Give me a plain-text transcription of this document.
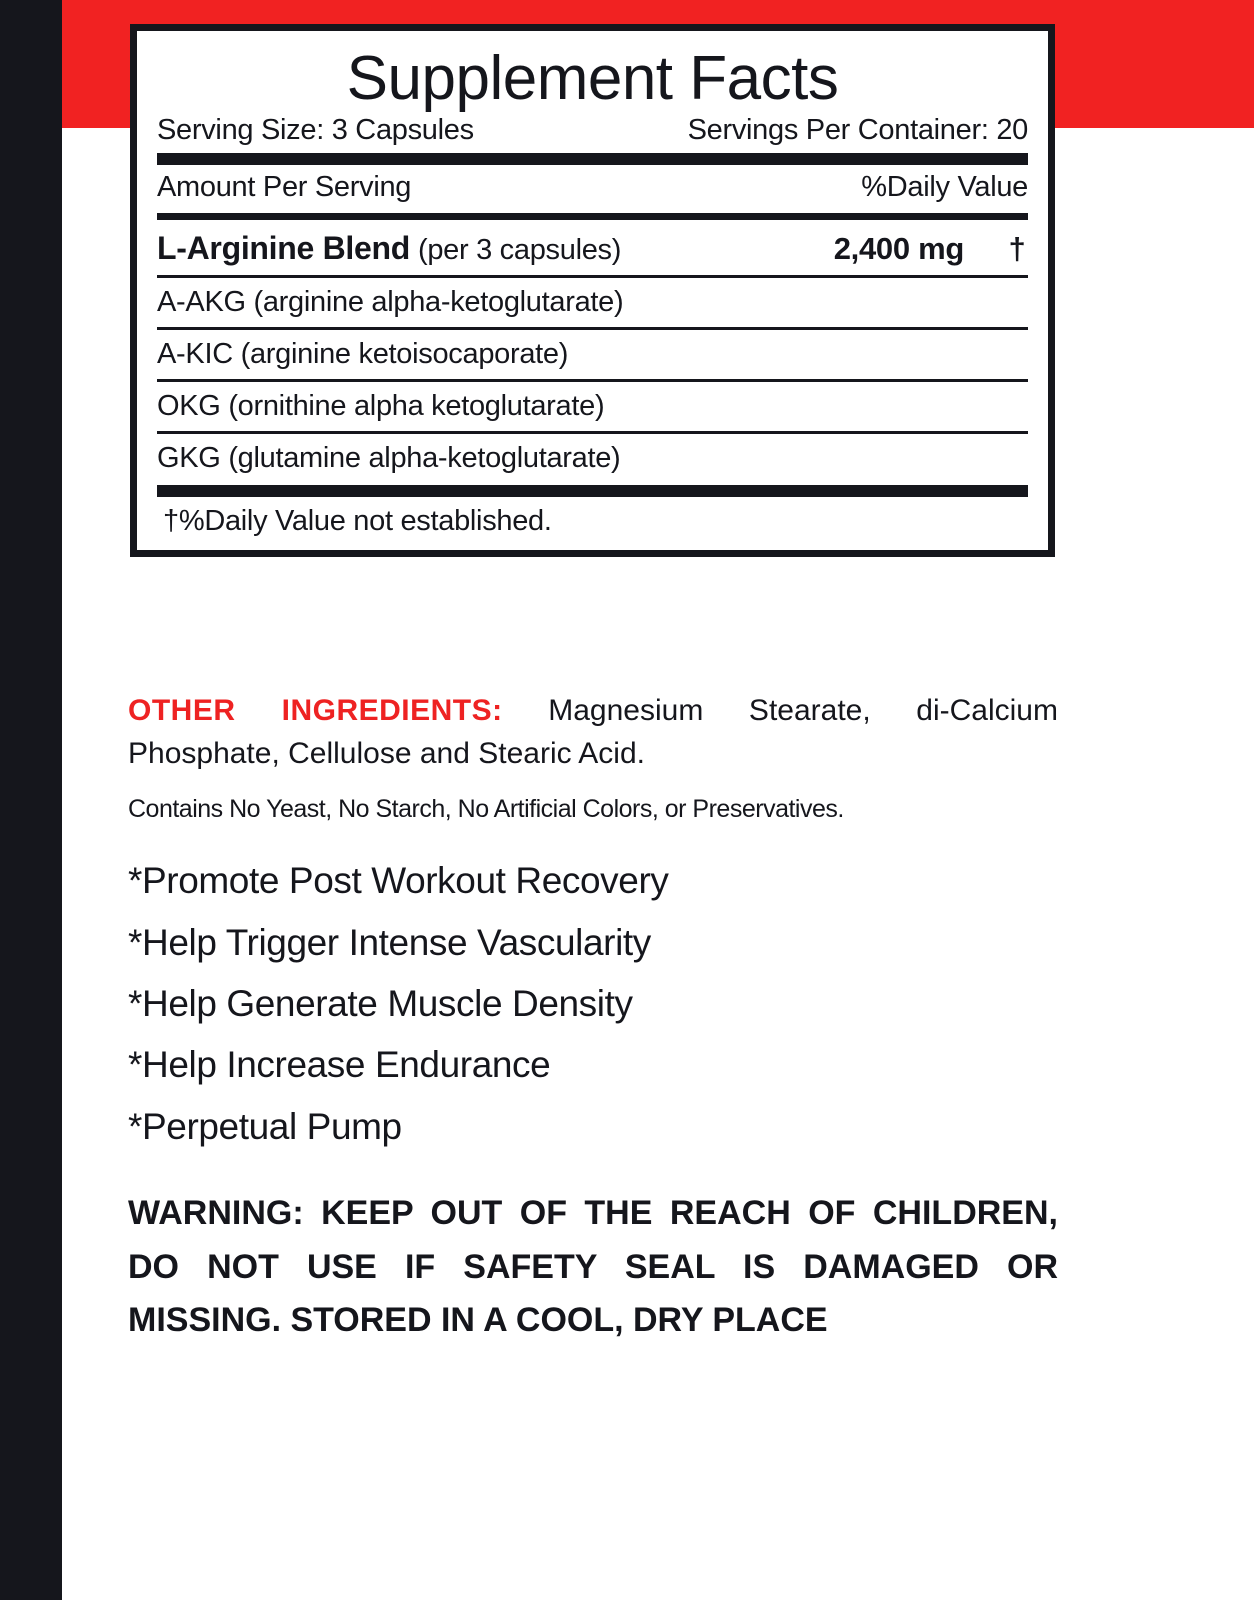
Supplement Facts
Serving Size: 3 Capsules	Servings Per Container: 20
Amount Per Serving	%Daily Value
L-Arginine Blend (per 3 capsules)	2,400 mg †
A-AKG (arginine alpha-ketoglutarate)
A-KIC (arginine ketoisocaporate)
OKG (ornithine alpha ketoglutarate)
GKG (glutamine alpha-ketoglutarate)
†%Daily Value not established.
OTHER INGREDIENTS: Magnesium Stearate, di-Calcium Phosphate, Cellulose and Stearic Acid.
Contains No Yeast, No Starch, No Artificial Colors, or Preservatives.
*Promote Post Workout Recovery
*Help Trigger Intense Vascularity
*Help Generate Muscle Density
*Help Increase Endurance
*Perpetual Pump
WARNING: KEEP OUT OF THE REACH OF CHILDREN,
DO NOT USE IF SAFETY SEAL IS DAMAGED OR
MISSING. STORED IN A COOL, DRY PLACE
